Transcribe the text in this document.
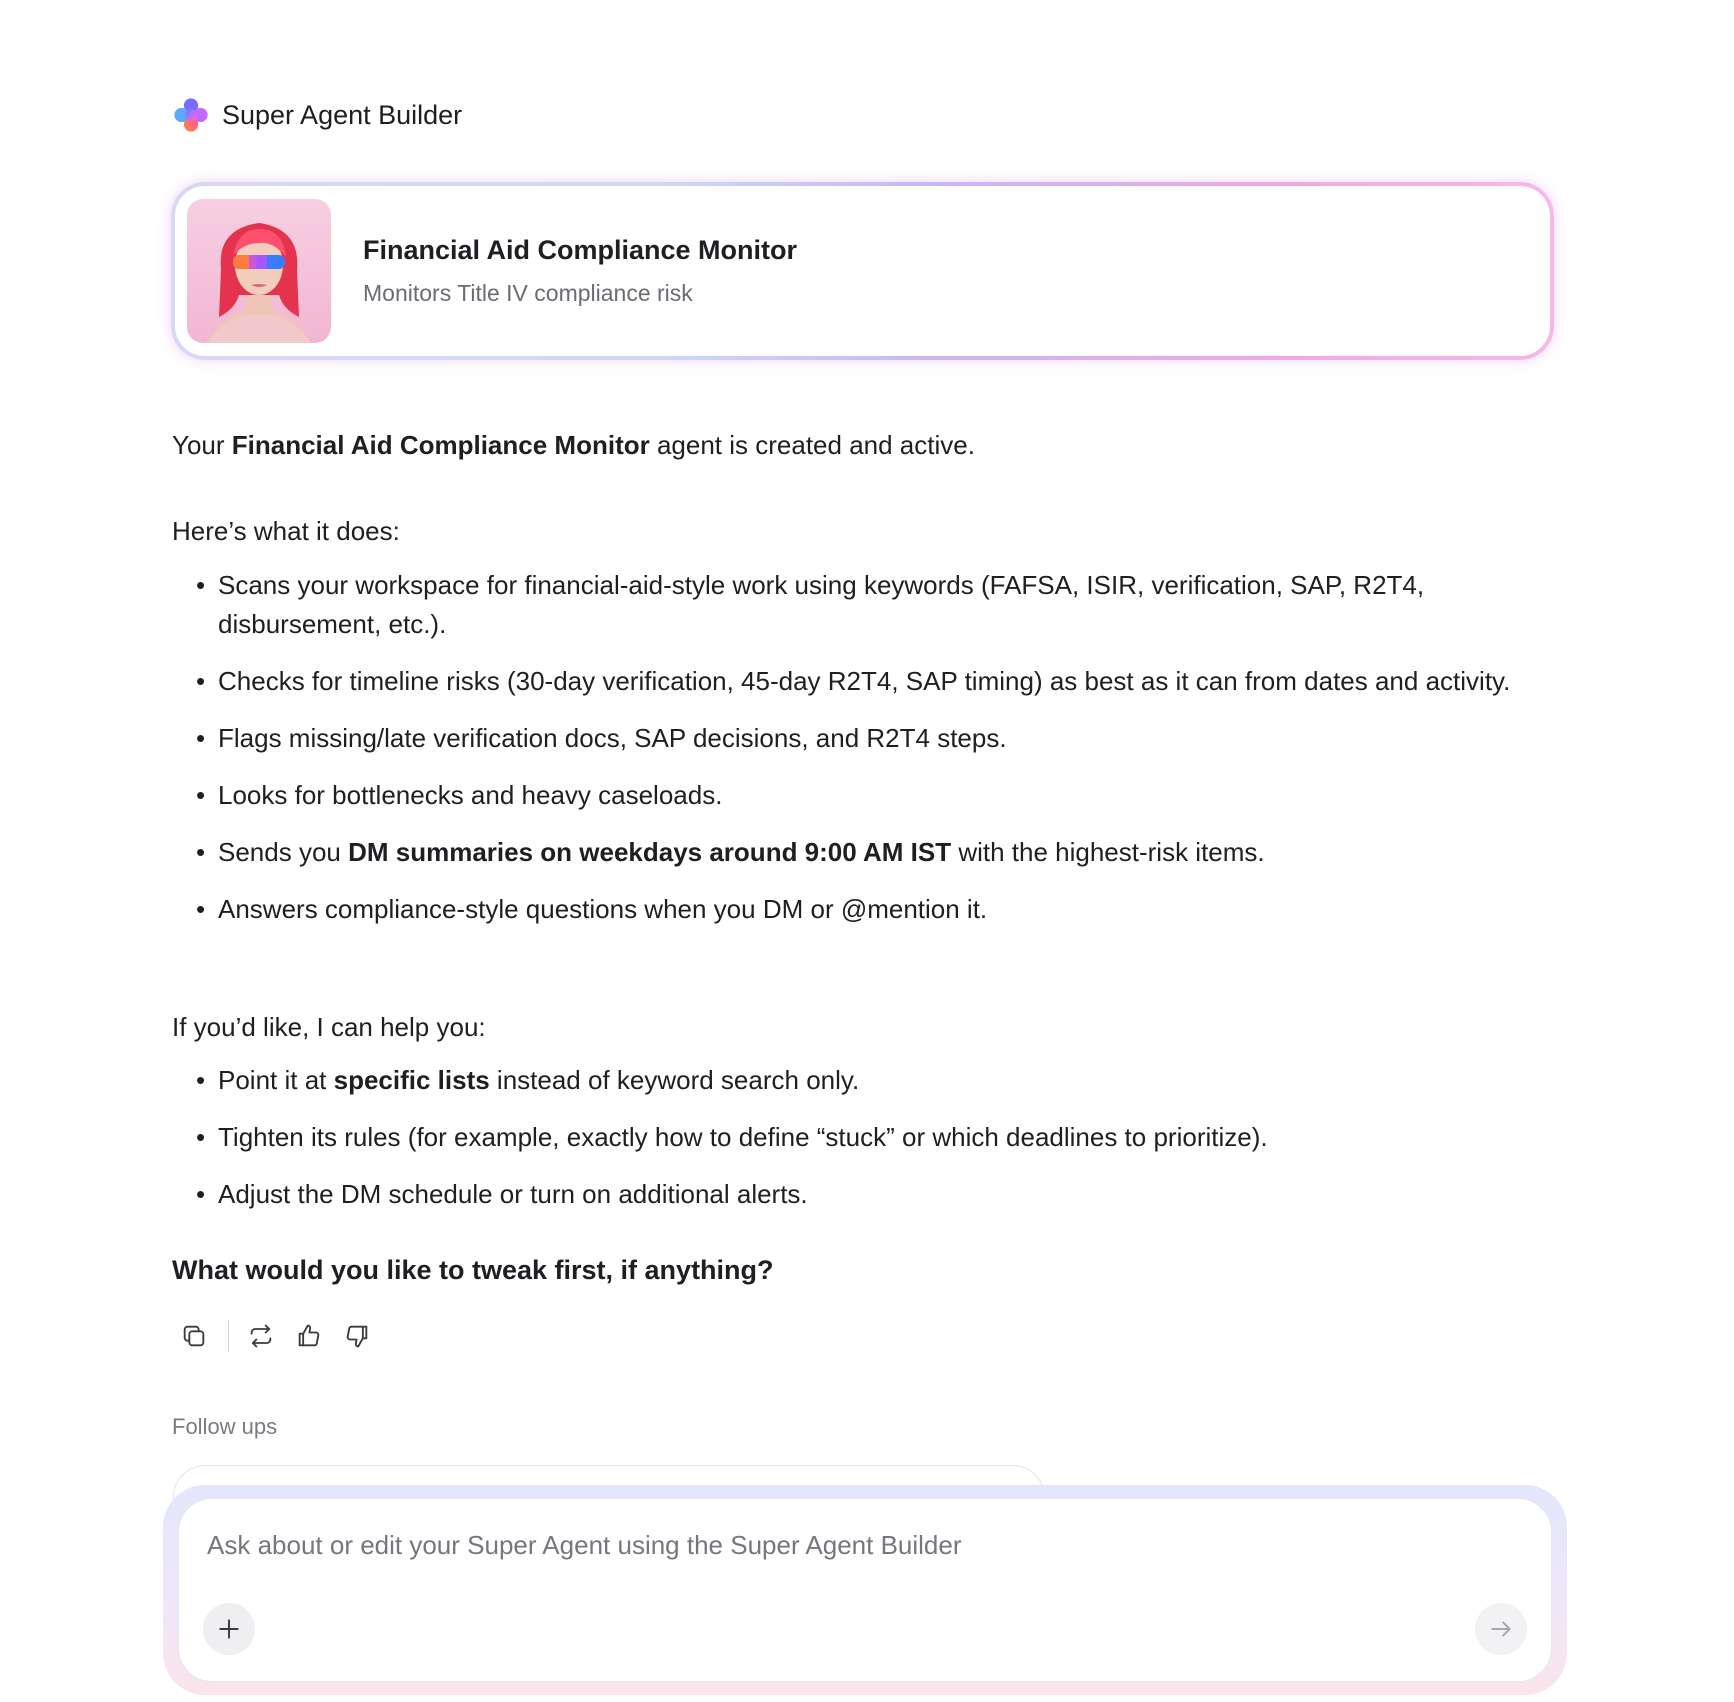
Super Agent Builder
Financial Aid Compliance Monitor
Monitors Title IV compliance risk
Your Financial Aid Compliance Monitor agent is created and active.
Here’s what it does:
• Scans your workspace for financial-aid-style work using keywords (FAFSA, ISIR, verification, SAP, R2T4, disbursement, etc.).
• Checks for timeline risks (30-day verification, 45-day R2T4, SAP timing) as best as it can from dates and activity.
• Flags missing/late verification docs, SAP decisions, and R2T4 steps.
• Looks for bottlenecks and heavy caseloads.
• Sends you DM summaries on weekdays around 9:00 AM IST with the highest-risk items.
• Answers compliance-style questions when you DM or @mention it.
If you’d like, I can help you:
• Point it at specific lists instead of keyword search only.
• Tighten its rules (for example, exactly how to define “stuck” or which deadlines to prioritize).
• Adjust the DM schedule or turn on additional alerts.
What would you like to tweak first, if anything?
Follow ups
Ask about or edit your Super Agent using the Super Agent Builder
